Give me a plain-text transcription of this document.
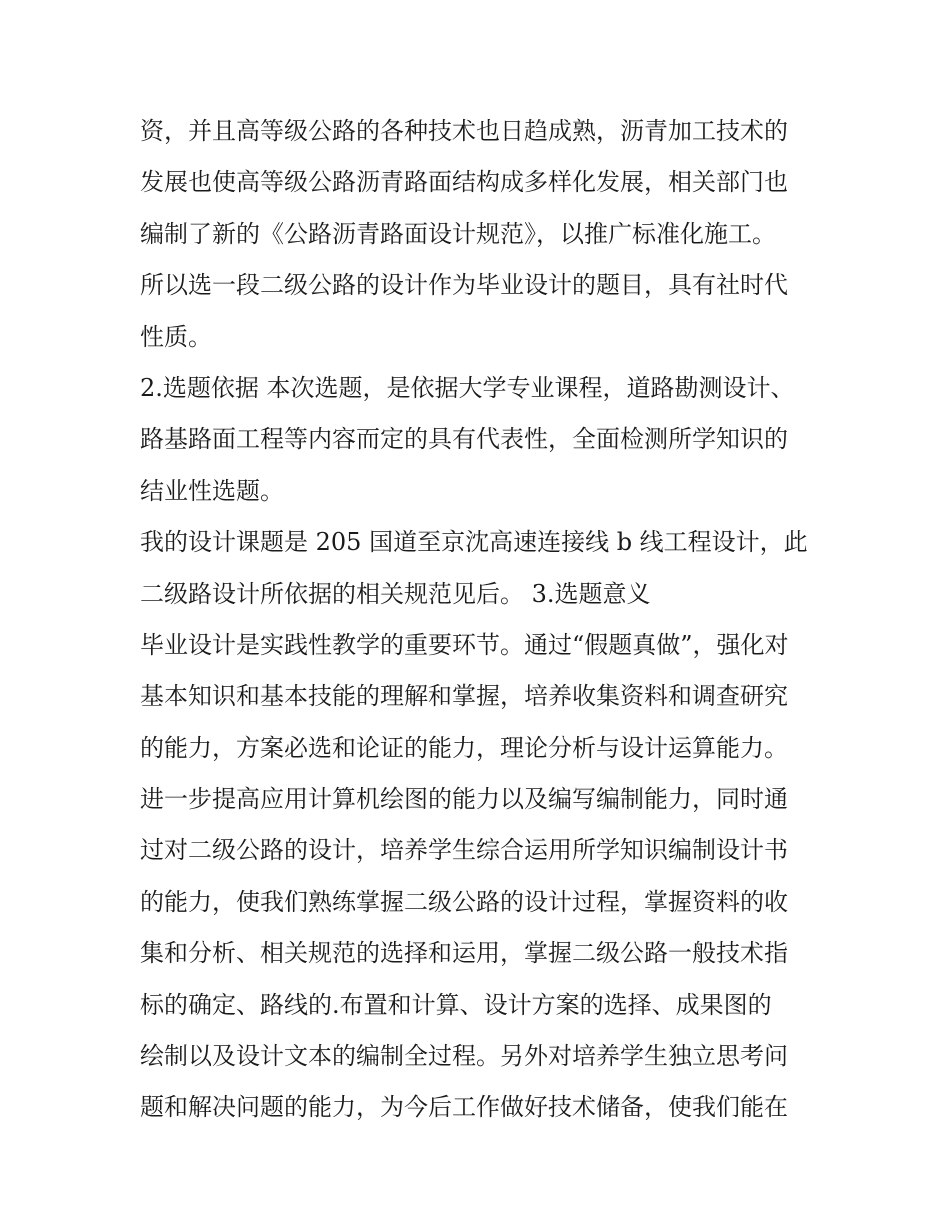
资，并且高等级公路的各种技术也日趋成熟，沥青加工技术的
发展也使高等级公路沥青路面结构成多样化发展，相关部门也
编制了新的《公路沥青路面设计规范》，以推广标准化施工。
所以选一段二级公路的设计作为毕业设计的题目，具有社时代
性质。
2.选题依据 本次选题，是依据大学专业课程，道路勘测设计、
路基路面工程等内容而定的具有代表性，全面检测所学知识的
结业性选题。
我的设计课题是 205 国道至京沈高速连接线 b 线工程设计，此
二级路设计所依据的相关规范见后。 3.选题意义
毕业设计是实践性教学的重要环节。通过“假题真做”，强化对
基本知识和基本技能的理解和掌握，培养收集资料和调查研究
的能力，方案必选和论证的能力，理论分析与设计运算能力。
进一步提高应用计算机绘图的能力以及编写编制能力，同时通
过对二级公路的设计，培养学生综合运用所学知识编制设计书
的能力，使我们熟练掌握二级公路的设计过程，掌握资料的收
集和分析、相关规范的选择和运用，掌握二级公路一般技术指
标的确定、路线的.布置和计算、设计方案的选择、成果图的
绘制以及设计文本的编制全过程。另外对培养学生独立思考问
题和解决问题的能力，为今后工作做好技术储备，使我们能在
